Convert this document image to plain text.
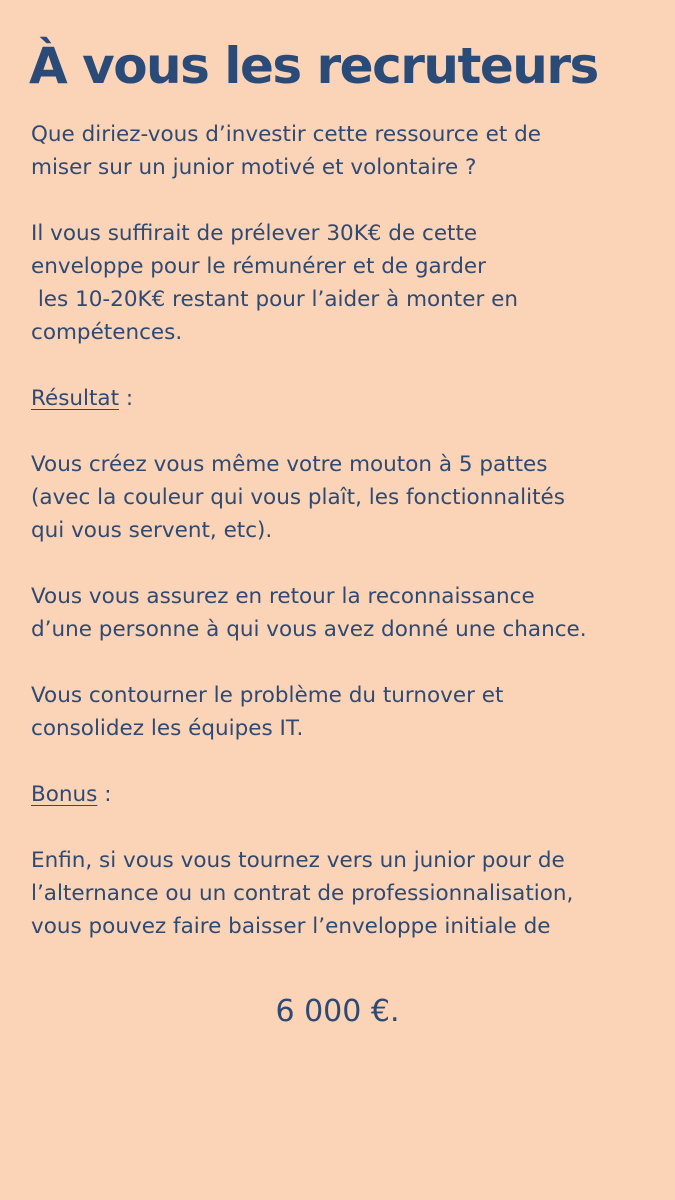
À vous les recruteurs

Que diriez-vous d’investir cette ressource et de
miser sur un junior motivé et volontaire ?

Il vous suffirait de prélever 30K€ de cette
enveloppe pour le rémunérer et de garder
les 10-20K€ restant pour l’aider à monter en
compétences.

Résultat :

Vous créez vous même votre mouton à 5 pattes
(avec la couleur qui vous plaît, les fonctionnalités
qui vous servent, etc).

Vous vous assurez en retour la reconnaissance
d’une personne à qui vous avez donné une chance.

Vous contourner le problème du turnover et
consolidez les équipes IT.

Bonus :

Enfin, si vous vous tournez vers un junior pour de
l’alternance ou un contrat de professionnalisation,
vous pouvez faire baisser l’enveloppe initiale de

6 000 €.
